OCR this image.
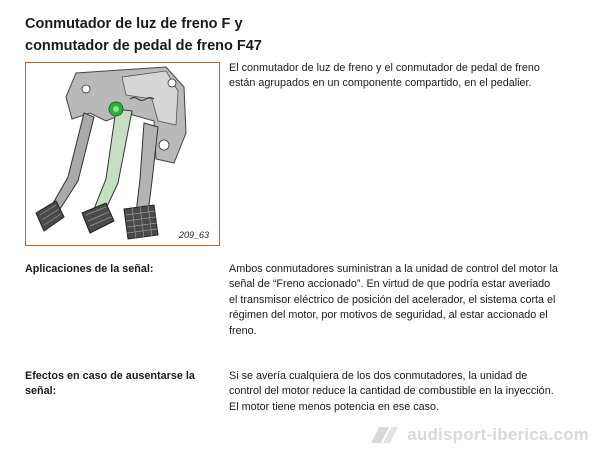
Conmutador de luz de freno F y
conmutador de pedal de freno F47
209_63
El conmutador de luz de freno y el conmutador de pedal de freno están agrupados en un componente compartido, en el pedalier.
Aplicaciones de la señal:	Ambos conmutadores suministran a la unidad de control del motor la señal de “Freno accionado”. En virtud de que podría estar averiado el transmisor eléctrico de posición del acelerador, el sistema corta el régimen del motor, por motivos de seguridad, al estar accionado el freno.
Efectos en caso de ausentarse la señal:
Si se avería cualquiera de los dos conmutadores, la unidad de control del motor reduce la cantidad de combustible en la inyección. El motor tiene menos potencia en ese caso.
audisport-iberica.com
